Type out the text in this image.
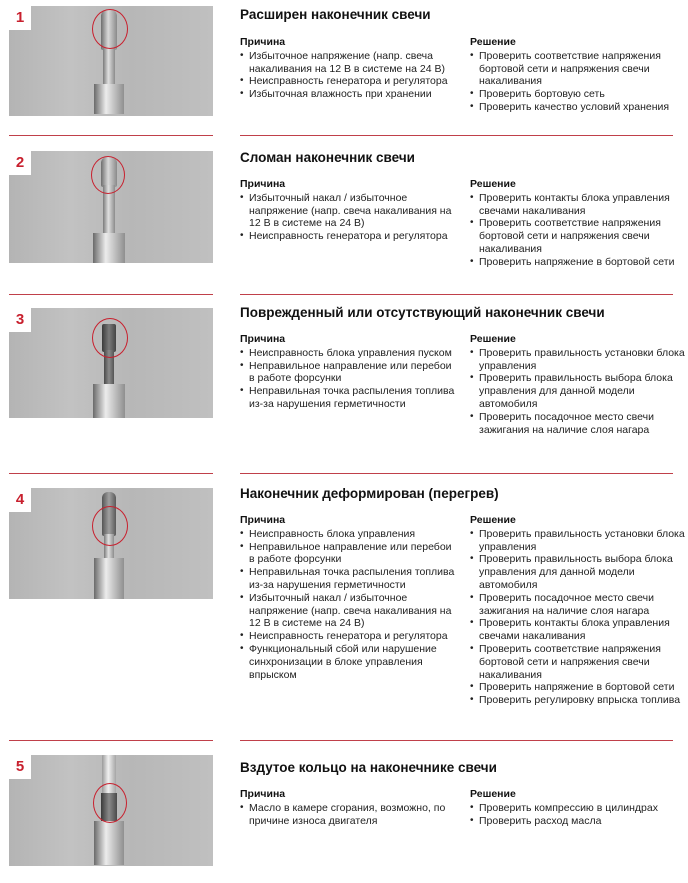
1	Расширен наконечник свечи
Причина
• Избыточное напряжение (напр. свеча накаливания на 12 В в системе на 24 В)
• Неисправность генератора и регулятора
• Избыточная влажность при хранении
Решение
• Проверить соответствие напряжения бортовой сети и напряжения свечи накаливания
• Проверить бортовую сеть
• Проверить качество условий хранения
2	Сломан наконечник свечи
Причина
• Избыточный накал / избыточное напряжение (напр. свеча накаливания на 12 В в системе на 24 В)
• Неисправность генератора и регулятора
Решение
• Проверить контакты блока управления свечами накаливания
• Проверить соответствие напряжения бортовой сети и напряжения свечи накаливания
• Проверить напряжение в бортовой сети
3	Поврежденный или отсутствующий наконечник свечи
Причина
• Неисправность блока управления пуском
• Неправильное направление или перебои в работе форсунки
• Неправильная точка распыления топлива из-за нарушения герметичности
Решение
• Проверить правильность установки блока управления
• Проверить правильность выбора блока управления для данной модели автомобиля
• Проверить посадочное место свечи зажигания на наличие слоя нагара
4	Наконечник деформирован (перегрев)
Причина
• Неисправность блока управления
• Неправильное направление или перебои в работе форсунки
• Неправильная точка распыления топлива из-за нарушения герметичности
• Избыточный накал / избыточное напряжение (напр. свеча накаливания на 12 В в системе на 24 В)
• Неисправность генератора и регулятора
• Функциональный сбой или нарушение синхронизации в блоке управления впрыском
Решение
• Проверить правильность установки блока управления
• Проверить правильность выбора блока управления для данной модели автомобиля
• Проверить посадочное место свечи зажигания на наличие слоя нагара
• Проверить контакты блока управления свечами накаливания
• Проверить соответствие напряжения бортовой сети и напряжения свечи накаливания
• Проверить напряжение в бортовой сети
• Проверить регулировку впрыска топлива
5	Вздутое кольцо на наконечнике свечи
Причина
• Масло в камере сгорания, возможно, по причине износа двигателя
Решение
• Проверить компрессию в цилиндрах
• Проверить расход масла
